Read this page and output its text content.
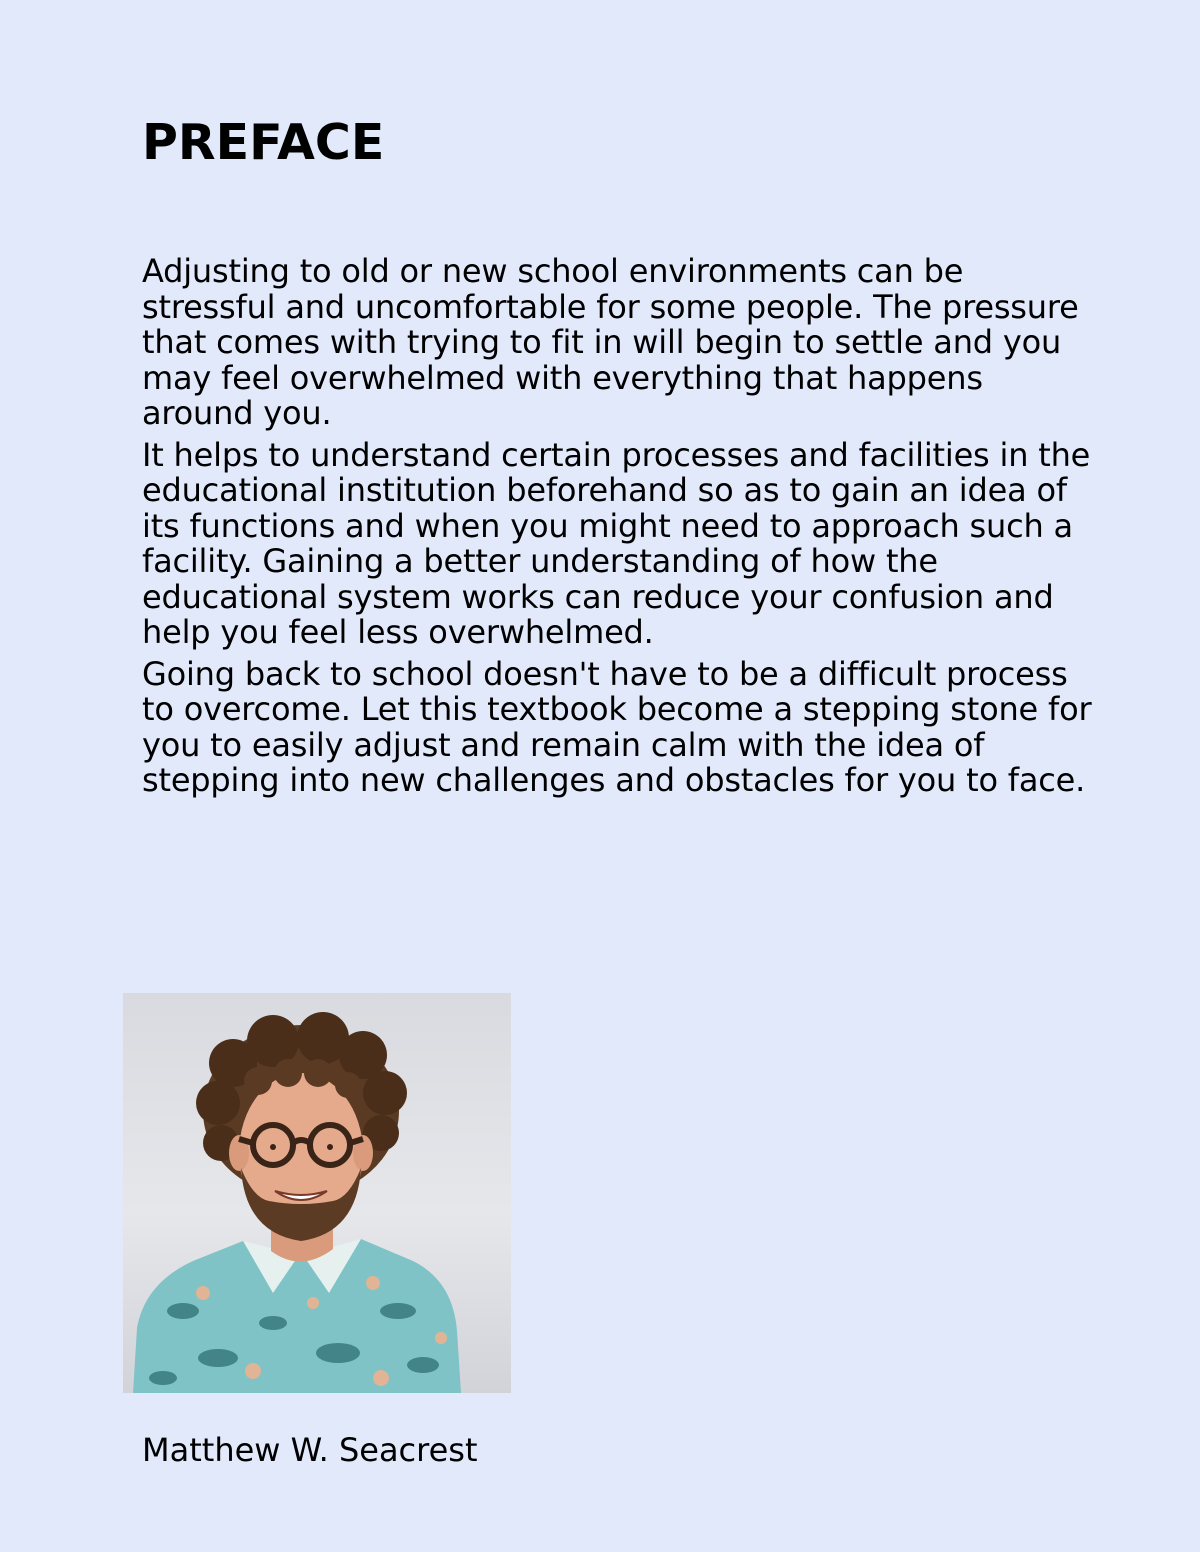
PREFACE

Adjusting to old or new school environments can be stressful and uncomfortable for some people. The pressure that comes with trying to fit in will begin to settle and you may feel overwhelmed with everything that happens around you.

It helps to understand certain processes and facilities in the educational institution beforehand so as to gain an idea of its functions and when you might need to approach such a facility. Gaining a better understanding of how the educational system works can reduce your confusion and help you feel less overwhelmed.

Going back to school doesn't have to be a difficult process to overcome. Let this textbook become a stepping stone for you to easily adjust and remain calm with the idea of stepping into new challenges and obstacles for you to face.

Matthew W. Seacrest
